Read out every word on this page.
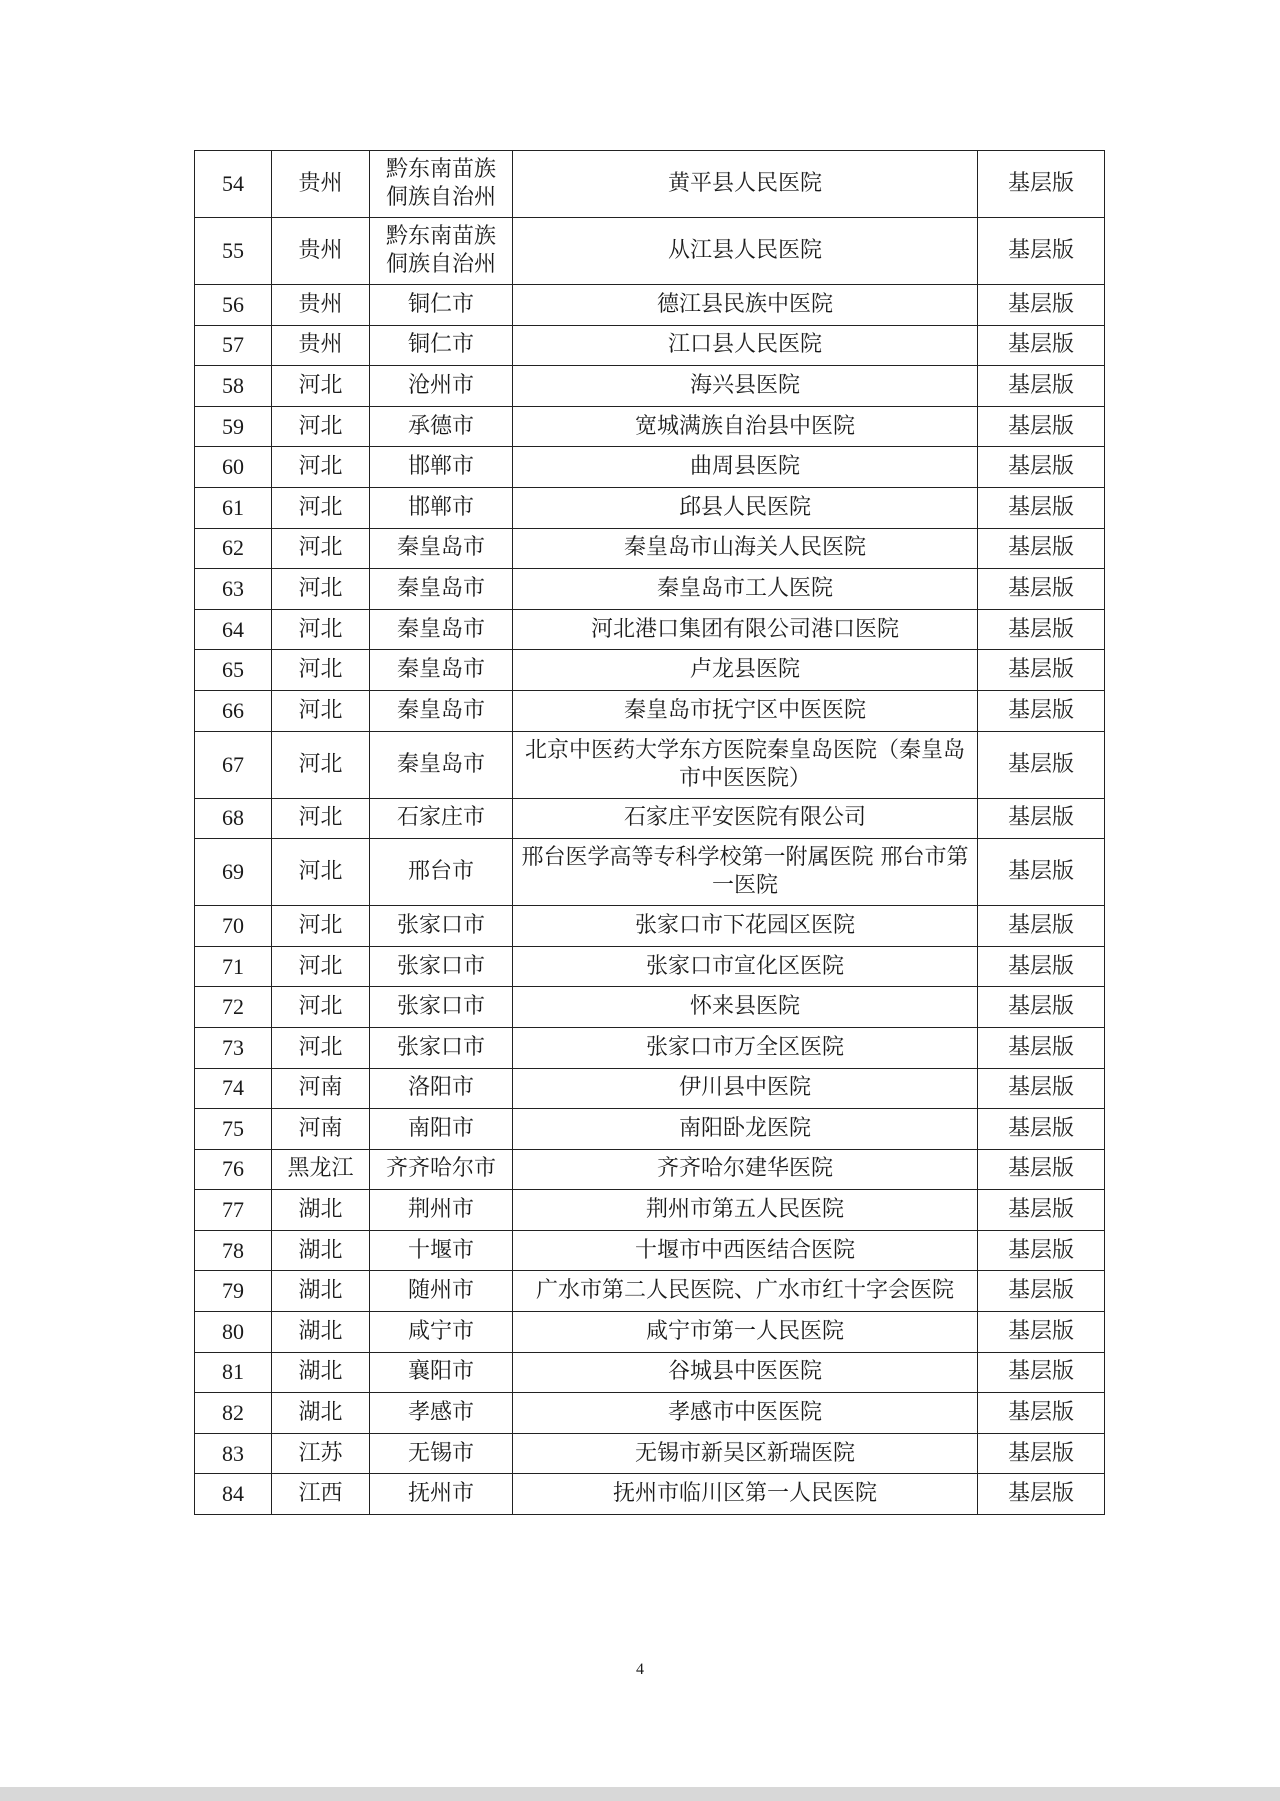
54	贵州	黔东南苗族侗族自治州	黄平县人民医院	基层版
55	贵州	黔东南苗族侗族自治州	从江县人民医院	基层版
56	贵州	铜仁市	德江县民族中医院	基层版
57	贵州	铜仁市	江口县人民医院	基层版
58	河北	沧州市	海兴县医院	基层版
59	河北	承德市	宽城满族自治县中医院	基层版
60	河北	邯郸市	曲周县医院	基层版
61	河北	邯郸市	邱县人民医院	基层版
62	河北	秦皇岛市	秦皇岛市山海关人民医院	基层版
63	河北	秦皇岛市	秦皇岛市工人医院	基层版
64	河北	秦皇岛市	河北港口集团有限公司港口医院	基层版
65	河北	秦皇岛市	卢龙县医院	基层版
66	河北	秦皇岛市	秦皇岛市抚宁区中医医院	基层版
67	河北	秦皇岛市	北京中医药大学东方医院秦皇岛医院（秦皇岛市中医医院）	基层版
68	河北	石家庄市	石家庄平安医院有限公司	基层版
69	河北	邢台市	邢台医学高等专科学校第一附属医院 邢台市第一医院	基层版
70	河北	张家口市	张家口市下花园区医院	基层版
71	河北	张家口市	张家口市宣化区医院	基层版
72	河北	张家口市	怀来县医院	基层版
73	河北	张家口市	张家口市万全区医院	基层版
74	河南	洛阳市	伊川县中医院	基层版
75	河南	南阳市	南阳卧龙医院	基层版
76	黑龙江	齐齐哈尔市	齐齐哈尔建华医院	基层版
77	湖北	荆州市	荆州市第五人民医院	基层版
78	湖北	十堰市	十堰市中西医结合医院	基层版
79	湖北	随州市	广水市第二人民医院、广水市红十字会医院	基层版
80	湖北	咸宁市	咸宁市第一人民医院	基层版
81	湖北	襄阳市	谷城县中医医院	基层版
82	湖北	孝感市	孝感市中医医院	基层版
83	江苏	无锡市	无锡市新吴区新瑞医院	基层版
84	江西	抚州市	抚州市临川区第一人民医院	基层版
4
